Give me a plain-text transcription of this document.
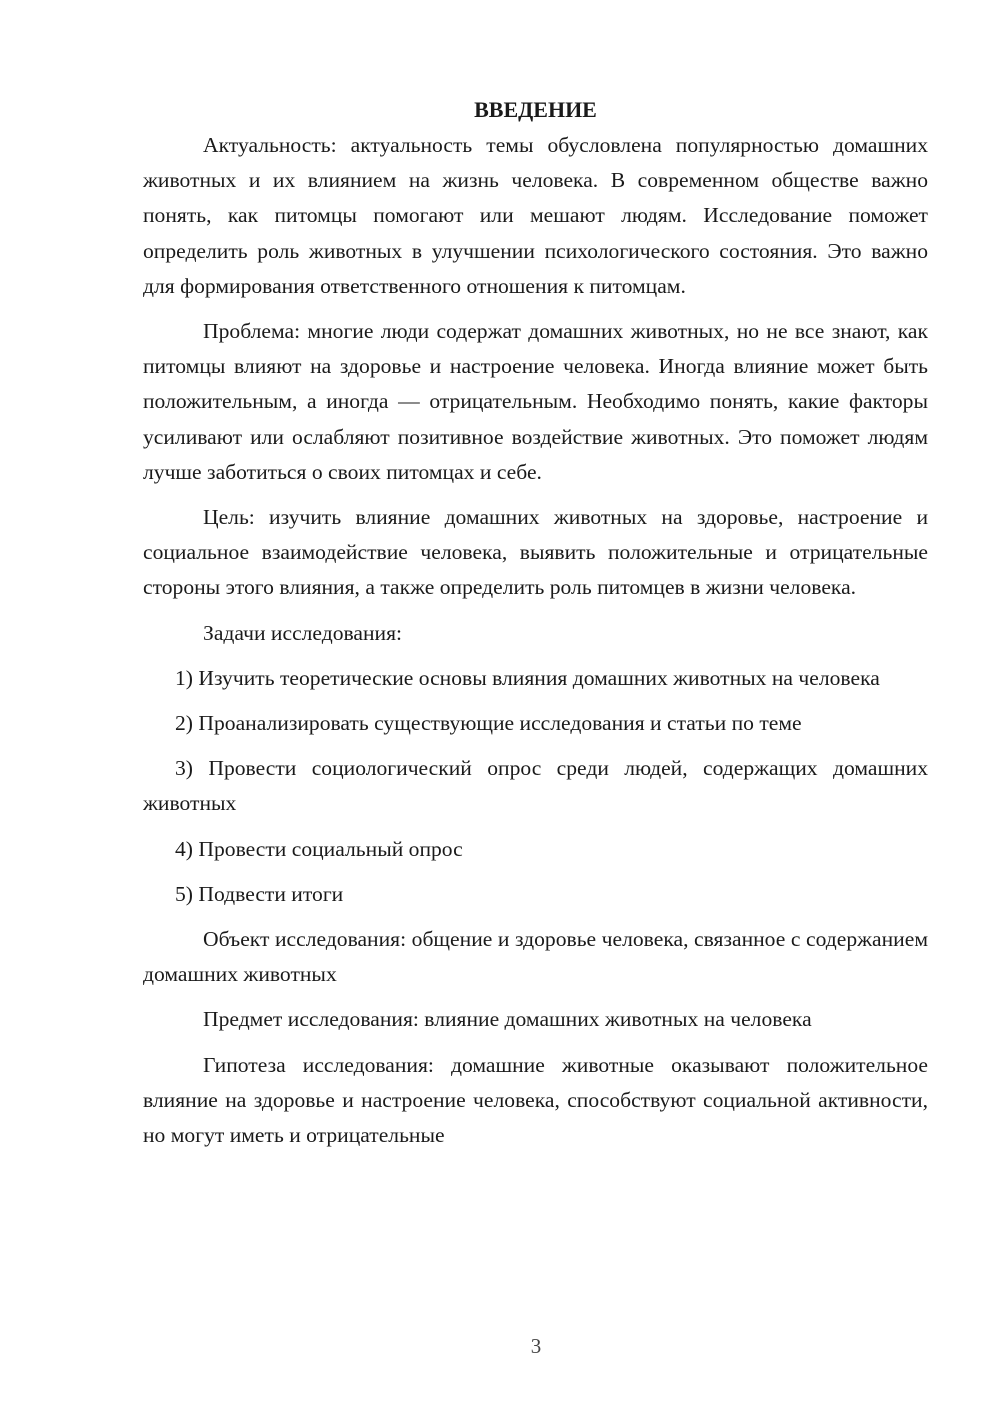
ВВЕДЕНИЕ

Актуальность: актуальность темы обусловлена популярностью домашних животных и их влиянием на жизнь человека. В современном обществе важно понять, как питомцы помогают или мешают людям. Исследование поможет определить роль животных в улучшении психологического состояния. Это важно для формирования ответственного отношения к питомцам.

Проблема: многие люди содержат домашних животных, но не все знают, как питомцы влияют на здоровье и настроение человека. Иногда влияние может быть положительным, а иногда — отрицательным. Необходимо понять, какие факторы усиливают или ослабляют позитивное воздействие животных. Это поможет людям лучше заботиться о своих питомцах и себе.

Цель: изучить влияние домашних животных на здоровье, настроение и социальное взаимодействие человека, выявить положительные и отрицательные стороны этого влияния, а также определить роль питомцев в жизни человека.

Задачи исследования:

1) Изучить теоретические основы влияния домашних животных на человека

2) Проанализировать существующие исследования и статьи по теме

3) Провести социологический опрос среди людей, содержащих домашних животных

4) Провести социальный опрос

5) Подвести итоги

Объект исследования: общение и здоровье человека, связанное с содержанием домашних животных

Предмет исследования: влияние домашних животных на человека

Гипотеза исследования: домашние животные оказывают положительное влияние на здоровье и настроение человека, способствуют социальной активности, но могут иметь и отрицательные

3
